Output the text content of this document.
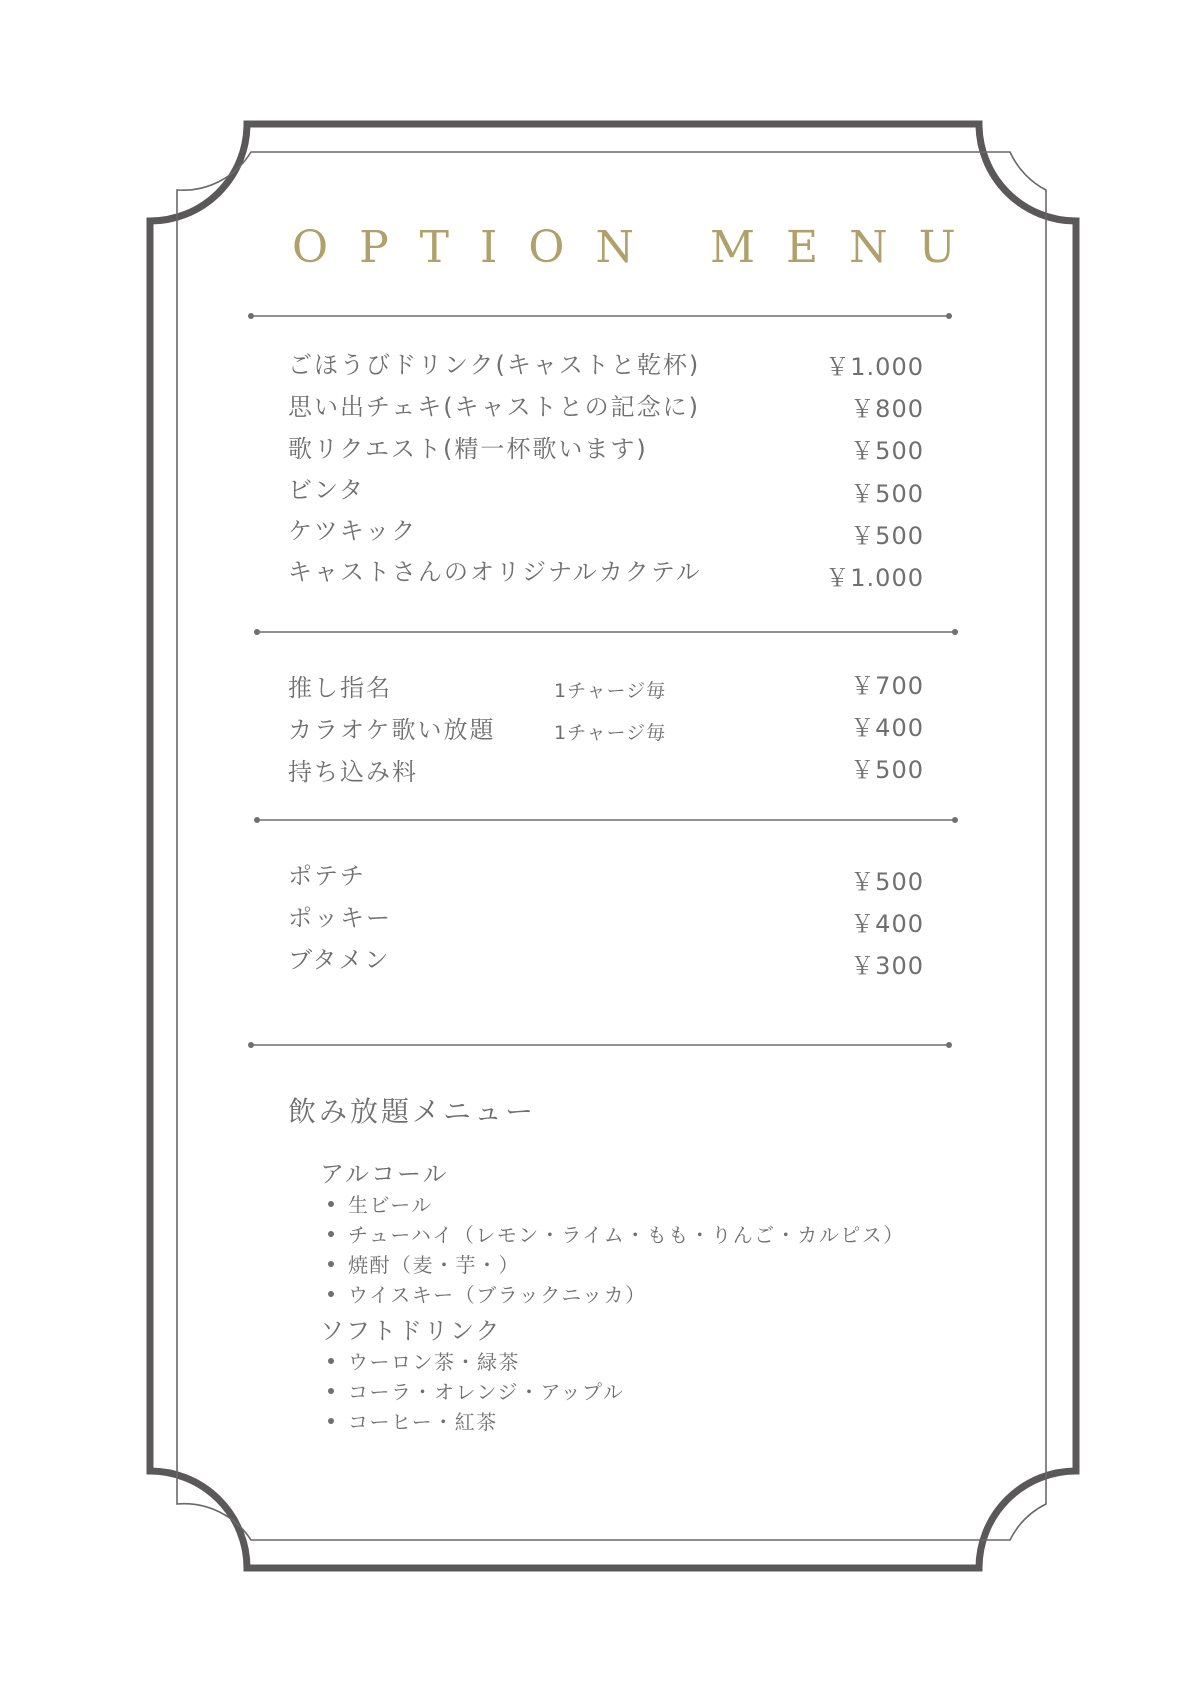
OPTION MENU
ごほうびドリンク(キャストと乾杯)	￥1.000
思い出チェキ(キャストとの記念に)	￥800
歌リクエスト(精一杯歌います)	￥500
ビンタ	￥500
ケツキック	￥500
キャストさんのオリジナルカクテル	￥1.000
推し指名	1チャージ毎	￥700
カラオケ歌い放題	1チャージ毎	￥400
持ち込み料	￥500
ポテチ	￥500
ポッキー	￥400
ブタメン	￥300
飲み放題メニュー
アルコール
生ビール
チューハイ（レモン・ライム・もも・りんご・カルピス）
焼酎（麦・芋・）
ウイスキー（ブラックニッカ）
ソフトドリンク
ウーロン茶・緑茶
コーラ・オレンジ・アップル
コーヒー・紅茶
